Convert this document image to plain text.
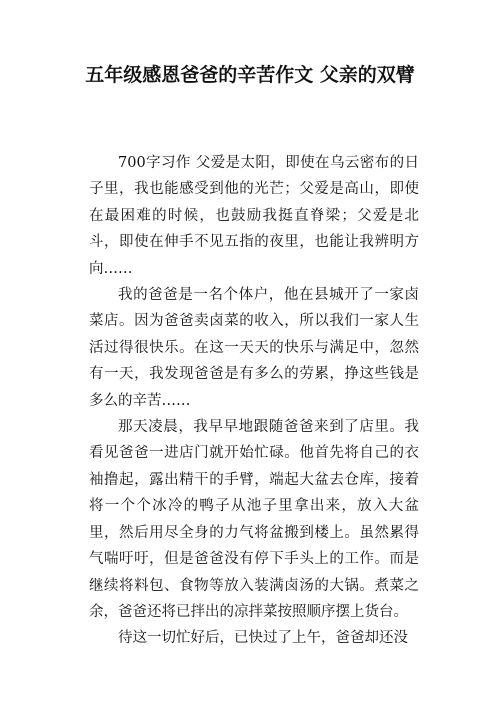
五年级感恩爸爸的辛苦作文 父亲的双臂

700字习作 父爱是太阳，即使在乌云密布的日子里，我也能感受到他的光芒；父爱是高山，即使在最困难的时候，也鼓励我挺直脊梁；父爱是北斗，即使在伸手不见五指的夜里，也能让我辨明方向……

我的爸爸是一名个体户，他在县城开了一家卤菜店。因为爸爸卖卤菜的收入，所以我们一家人生活过得很快乐。在这一天天的快乐与满足中，忽然有一天，我发现爸爸是有多么的劳累，挣这些钱是多么的辛苦……

那天凌晨，我早早地跟随爸爸来到了店里。我看见爸爸一进店门就开始忙碌。他首先将自己的衣袖撸起，露出精干的手臂，端起大盆去仓库，接着将一个个冰冷的鸭子从池子里拿出来，放入大盆里，然后用尽全身的力气将盆搬到楼上。虽然累得气喘吁吁，但是爸爸没有停下手头上的工作。而是继续将料包、食物等放入装满卤汤的大锅。煮菜之余，爸爸还将已拌出的凉拌菜按照顺序摆上货台。

待这一切忙好后，已快过了上午，爸爸却还没
